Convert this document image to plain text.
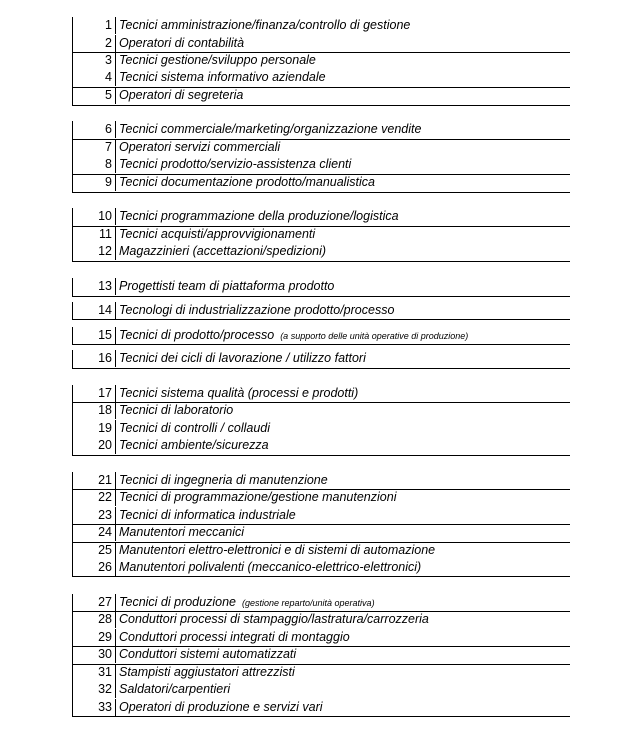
1 Tecnici amministrazione/finanza/controllo di gestione
2 Operatori di contabilità
3 Tecnici gestione/sviluppo personale
4 Tecnici sistema informativo aziendale
5 Operatori di segreteria
6 Tecnici commerciale/marketing/organizzazione vendite
7 Operatori servizi commerciali
8 Tecnici prodotto/servizio-assistenza clienti
9 Tecnici documentazione prodotto/manualistica
10 Tecnici programmazione della produzione/logistica
11 Tecnici acquisti/approvvigionamenti
12 Magazzinieri (accettazioni/spedizioni)
13 Progettisti team di piattaforma prodotto
14 Tecnologi di industrializzazione prodotto/processo
15 Tecnici di prodotto/processo (a supporto delle unità operative di produzione)
16 Tecnici dei cicli di lavorazione / utilizzo fattori
17 Tecnici sistema qualità (processi e prodotti)
18 Tecnici di laboratorio
19 Tecnici di controlli / collaudi
20 Tecnici ambiente/sicurezza
21 Tecnici di ingegneria di manutenzione
22 Tecnici di programmazione/gestione manutenzioni
23 Tecnici di informatica industriale
24 Manutentori meccanici
25 Manutentori elettro-elettronici e di sistemi di automazione
26 Manutentori polivalenti (meccanico-elettrico-elettronici)
27 Tecnici di produzione (gestione reparto/unità operativa)
28 Conduttori processi di stampaggio/lastratura/carrozzeria
29 Conduttori processi integrati di montaggio
30 Conduttori sistemi automatizzati
31 Stampisti aggiustatori attrezzisti
32 Saldatori/carpentieri
33 Operatori di produzione e servizi vari
